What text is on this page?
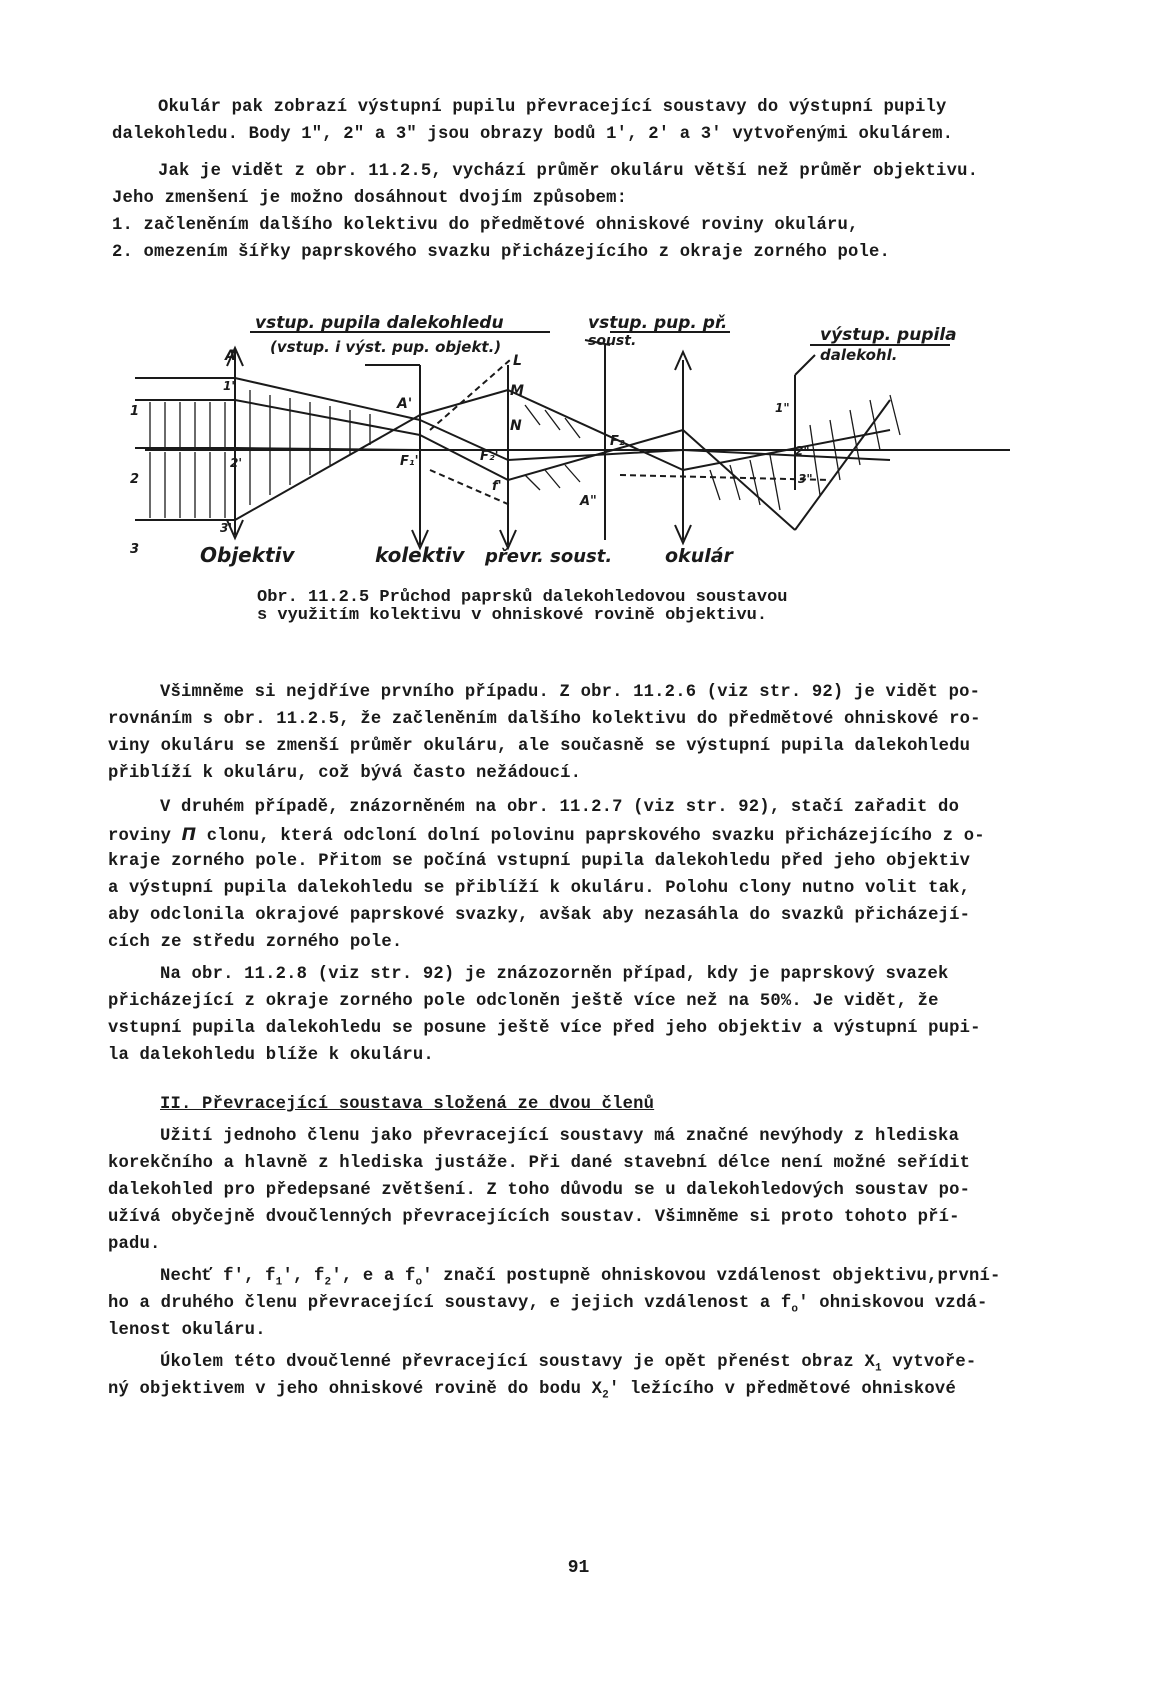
Okulár pak zobrazí výstupní pupilu převracející soustavy do výstupní pupily
dalekohledu. Body 1", 2" a 3" jsou obrazy bodů 1', 2' a 3' vytvořenými okulárem.
Jak je vidět z obr. 11.2.5, vychází průměr okuláru větší než průměr objektivu.
Jeho zmenšení je možno dosáhnout dvojím způsobem:
1. začleněním dalšího kolektivu do předmětové ohniskové roviny okuláru,
2. omezením šířky paprskového svazku přicházejícího z okraje zorného pole.
vstup. pupila dalekohledu
(vstup. i výst. pup. objekt.)
vstup. pup. př.
soust.	výstup. pupila
dalekohl.
Objektiv	kolektiv převr. soust.	okulár
A
A'
A"
L
M
N
F₁'
F₂
F₂'
f'
1
2
3
1'
2'
3'
1"
2"
3"
Obr. 11.2.5 Průchod paprsků dalekohledovou soustavou
s využitím kolektivu v ohniskové rovině objektivu.
Všimněme si nejdříve prvního případu. Z obr. 11.2.6 (viz str. 92) je vidět po-
rovnáním s obr. 11.2.5, že začleněním dalšího kolektivu do předmětové ohniskové ro-
viny okuláru se zmenší průměr okuláru, ale současně se výstupní pupila dalekohledu
přiblíží k okuláru, což bývá často nežádoucí.
V druhém případě, znázorněném na obr. 11.2.7 (viz str. 92), stačí zařadit do
roviny Π clonu, která odcloní dolní polovinu paprskového svazku přicházejícího z o-
kraje zorného pole. Přitom se počíná vstupní pupila dalekohledu před jeho objektiv
a výstupní pupila dalekohledu se přiblíží k okuláru. Polohu clony nutno volit tak,
aby odclonila okrajové paprskové svazky, avšak aby nezasáhla do svazků přicházejí-
cích ze středu zorného pole.
Na obr. 11.2.8 (viz str. 92) je znázozorněn případ, kdy je paprskový svazek
přicházející z okraje zorného pole odcloněn ještě více než na 50%. Je vidět, že
vstupní pupila dalekohledu se posune ještě více před jeho objektiv a výstupní pupi-
la dalekohledu blíže k okuláru.
II. Převracející soustava složená ze dvou členů
Užití jednoho členu jako převracející soustavy má značné nevýhody z hlediska
korekčního a hlavně z hlediska justáže. Při dané stavební délce není možné seřídit
dalekohled pro předepsané zvětšení. Z toho důvodu se u dalekohledových soustav po-
užívá obyčejně dvoučlenných převracejících soustav. Všimněme si proto tohoto pří-
padu.
Nechť f', $f_1'$, $f_2'$, e a $f_o'$ značí postupně ohniskovou vzdálenost objektivu,první-
ho a druhého členu převracející soustavy, e jejich vzdálenost a $f_o'$ ohniskovou vzdá-
lenost okuláru.
Úkolem této dvoučlenné převracející soustavy je opět přenést obraz $X_1$ vytvoře-
ný objektivem v jeho ohniskové rovině do bodu $X_2'$ ležícího v předmětové ohniskové
91
